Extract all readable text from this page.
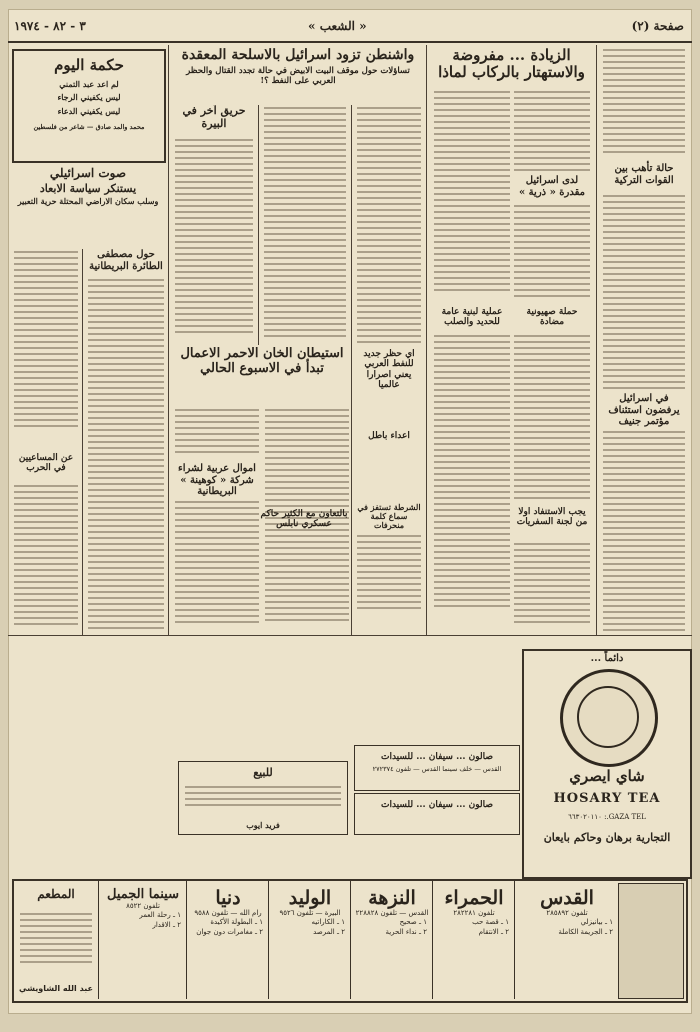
٣ - ٨٢ - ١٩٧٤	« الشعب »	صفحة (٢)
حالة تأهب بين القوات التركية
في اسرائيل يرفضون استئناف مؤتمر جنيف
الزيادة ... مفروضة والاستهتار بالركاب لماذا
لدى اسرائيل مقدرة « ذرية »
عملية لبنية عامة للحديد والصلب
حملة صهيونية مضادة
يجب الاستنفاد اولا من لجنة السفريات
واشنطن تزود اسرائيل بالاسلحة المعقدة
تساؤلات حول موقف البيت الابيض في حالة تجدد القتال والحظر العربي على النفط ؟!
حريق آخر في البيرة
اي حظر جديد للنفط العربي يعني اصرارا عالميا
اعداء باطل
الشرطة تستفز في سماع كلمة منحرفات
استيطان الخان الاحمر الاعمال تبدأ في الاسبوع الحالي
اموال عربية لشراء شركة « كوهينة » البريطانية
حكمة اليوم
لم اعد عبد التمني
ليس يكفيني الرجاء
ليس يكفيني الدعاء
محمد والمد صادق — شاعر من فلسطين
صوت اسرائيلي
يستنكر سياسة الابعاد
وسلب سكان الاراضي المحتلة حرية التعبير
حول مصطفى الطائرة البريطانية
عن المساعيين في الحرب
بالتعاون مع الكثير حاكم عسكري نابلس
صالون ... سيفان ... للسيدات
القدس — خلف سينما القدس — تلفون ٢٧٢٣٧٤
صالون ... سيفان ... للسيدات
للبيع
فريد ايوب
دائماً ...
شاي ايصري
HOSARY TEA
GAZA TEL.: ٦٦٣٠٢٠١١٠
التجارية برهان وحاكم بايعان
القدس
تلفون ٢٨٥٨٩٢
١ ـ بيانيزلي
٢ ـ الجريمة الكاملة
الحمراء
تلفون ٢٨٢٢٨١
١ ـ قصة حب
٢ ـ الانتقام
النزهة
القدس — تلفون ٢٢٨٨٢٨
١ ـ صحيح
٢ ـ نداء الحرية
الوليد
البيرة — تلفون ٩٥٢٦
١ ـ الكاراتيه
٢ ـ المرصد
دنيا
رام الله — تلفون ٩٥٨٨
١ ـ البطولة الأكيدة
٢ ـ مغامرات دون جوان
سينما الجميل
تلفون ٨٥٢٢
١ ـ رحلة العمر
٢ ـ الاقدار
المطعم
عبد الله الشاويشي
